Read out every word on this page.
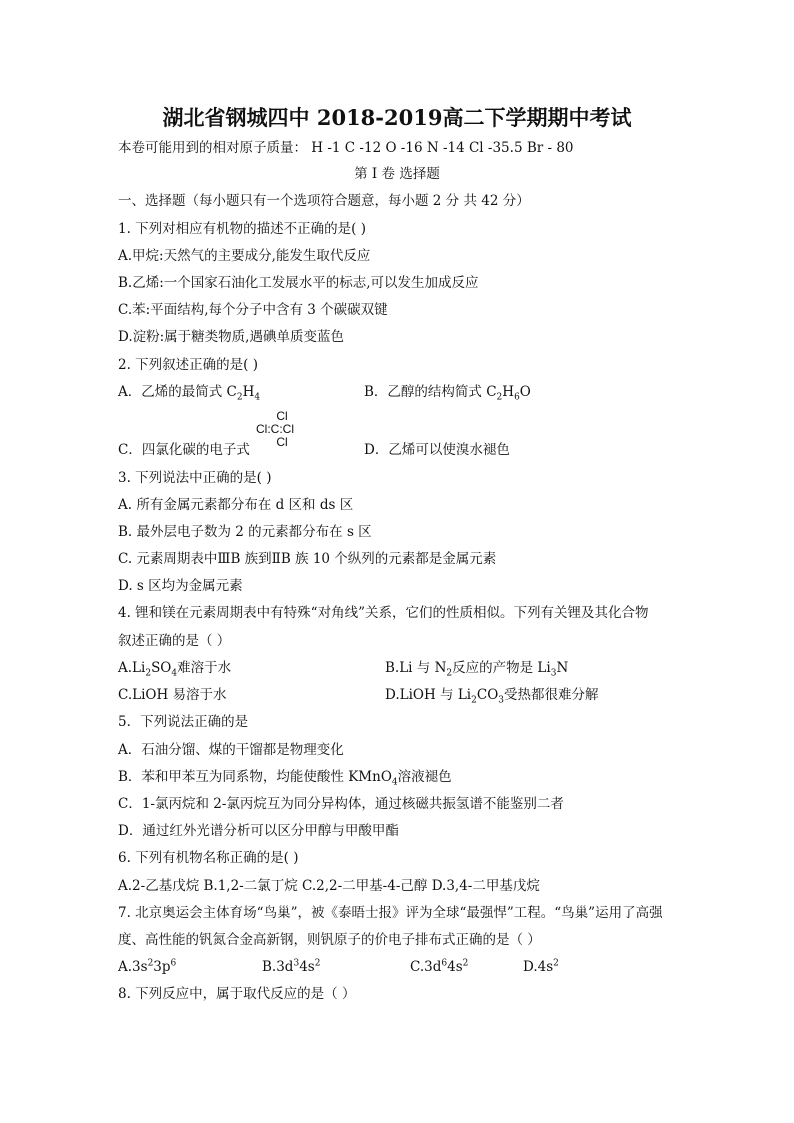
湖北省钢城四中 2018-2019高二下学期期中考试
本卷可能用到的相对原子质量： H -1 C -12 O -16 N -14 Cl -35.5 Br - 80
第 I 卷 选择题
一、选择题（每小题只有一个选项符合题意，每小题 2 分 共 42 分）
1. 下列对相应有机物的描述不正确的是( )
A.甲烷:天然气的主要成分,能发生取代反应
B.乙烯:一个国家石油化工发展水平的标志,可以发生加成反应
C.苯:平面结构,每个分子中含有 3 个碳碳双键
D.淀粉:属于糖类物质,遇碘单质变蓝色
2. 下列叙述正确的是( )
A．乙烯的最简式 $C_2H_4$	B．乙醇的结构简式 $C_2H_6O$
C．四氯化碳的电子式
Cl
Cl:C:Cl
Cl	D．乙烯可以使溴水褪色
3. 下列说法中正确的是( )
A. 所有金属元素都分布在 d 区和 ds 区
B. 最外层电子数为 2 的元素都分布在 s 区
C. 元素周期表中ⅢB 族到ⅡB 族 10 个纵列的元素都是金属元素
D. s 区均为金属元素
4. 锂和镁在元素周期表中有特殊“对角线”关系，它们的性质相似。下列有关锂及其化合物
叙述正确的是（ ）
$A.Li_2SO_4$难溶于水	B.Li 与 $N_2$反应的产物是 $Li_3N$
C.LiOH 易溶于水	D.LiOH 与 $Li_2CO_3$受热都很难分解
5．下列说法正确的是
A．石油分馏、煤的干馏都是物理变化
B．苯和甲苯互为同系物，均能使酸性 KMnO$_4$溶液褪色
C．1-氯丙烷和 2-氯丙烷互为同分异构体，通过核磁共振氢谱不能鉴别二者
D．通过红外光谱分析可以区分甲醇与甲酸甲酯
6. 下列有机物名称正确的是( )
A.2-乙基戊烷 B.1,2-二氯丁烷 C.2,2-二甲基-4-己醇 D.3,4-二甲基戊烷
7. 北京奥运会主体育场“鸟巢”，被《泰晤士报》评为全球“最强悍”工程。“鸟巢”运用了高强
度、高性能的钒氮合金高新钢，则钒原子的价电子排布式正确的是（ ）
$A.3s^23p^6$	$B.3d^34s^2$	$C.3d^64s^2$	$D.4s^2$
8. 下列反应中，属于取代反应的是（ ）
